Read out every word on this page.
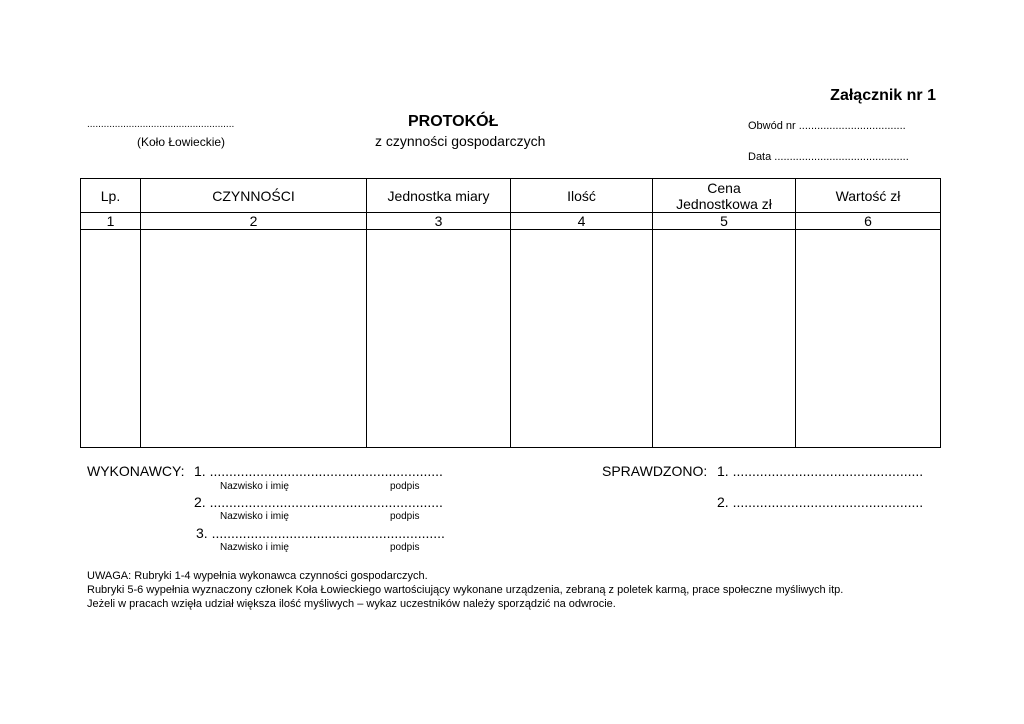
Załącznik nr 1
.....................................................
(Koło Łowieckie)
PROTOKÓŁ
z czynności gospodarczych
Obwód nr ...................................
Data ............................................
Lp.	CZYNNOŚCI	Jednostka miary	Ilość	Cena
Jednostkowa zł	Wartość zł
1	2	3	4	5	6

WYKONAWCY: 1. ............................................................
Nazwisko i imię	podpis
2. ............................................................
Nazwisko i imię	podpis
3. ............................................................
Nazwisko i imię	podpis
SPRAWDZONO: 1. .................................................
2. .................................................
UWAGA: Rubryki 1-4 wypełnia wykonawca czynności gospodarczych.
Rubryki 5-6 wypełnia wyznaczony członek Koła Łowieckiego wartościujący wykonane urządzenia, zebraną z poletek karmą, prace społeczne myśliwych itp.
Jeżeli w pracach wzięła udział większa ilość myśliwych – wykaz uczestników należy sporządzić na odwrocie.
